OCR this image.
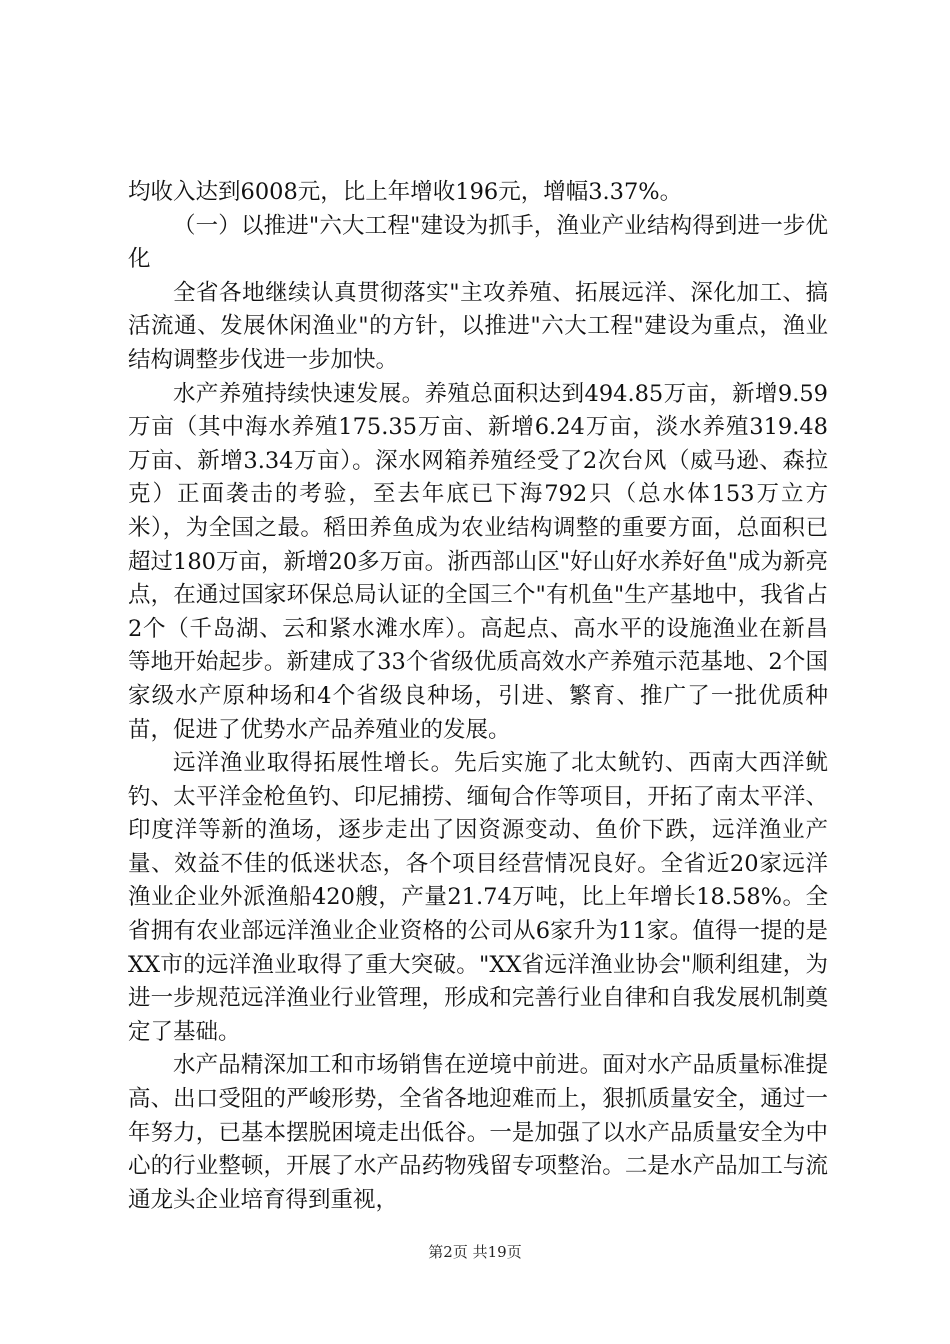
均收入达到6008元，比上年增收196元，增幅3.37%。

（一）以推进"六大工程"建设为抓手，渔业产业结构得到进一步优化

全省各地继续认真贯彻落实"主攻养殖、拓展远洋、深化加工、搞活流通、发展休闲渔业"的方针，以推进"六大工程"建设为重点，渔业结构调整步伐进一步加快。

水产养殖持续快速发展。养殖总面积达到494.85万亩，新增9.59万亩（其中海水养殖175.35万亩、新增6.24万亩，淡水养殖319.48万亩、新增3.34万亩）。深水网箱养殖经受了2次台风（威马逊、森拉克）正面袭击的考验，至去年底已下海792只（总水体153万立方米），为全国之最。稻田养鱼成为农业结构调整的重要方面，总面积已超过180万亩，新增20多万亩。浙西部山区"好山好水养好鱼"成为新亮点，在通过国家环保总局认证的全国三个"有机鱼"生产基地中，我省占2个（千岛湖、云和紧水滩水库）。高起点、高水平的设施渔业在新昌等地开始起步。新建成了33个省级优质高效水产养殖示范基地、2个国家级水产原种场和4个省级良种场，引进、繁育、推广了一批优质种苗，促进了优势水产品养殖业的发展。

远洋渔业取得拓展性增长。先后实施了北太鱿钓、西南大西洋鱿钓、太平洋金枪鱼钓、印尼捕捞、缅甸合作等项目，开拓了南太平洋、印度洋等新的渔场，逐步走出了因资源变动、鱼价下跌，远洋渔业产量、效益不佳的低迷状态，各个项目经营情况良好。全省近20家远洋渔业企业外派渔船420艘，产量21.74万吨，比上年增长18.58%。全省拥有农业部远洋渔业企业资格的公司从6家升为11家。值得一提的是XX市的远洋渔业取得了重大突破。"XX省远洋渔业协会"顺利组建，为进一步规范远洋渔业行业管理，形成和完善行业自律和自我发展机制奠定了基础。

水产品精深加工和市场销售在逆境中前进。面对水产品质量标准提高、出口受阻的严峻形势，全省各地迎难而上，狠抓质量安全，通过一年努力，已基本摆脱困境走出低谷。一是加强了以水产品质量安全为中心的行业整顿，开展了水产品药物残留专项整治。二是水产品加工与流通龙头企业培育得到重视，

第2页 共19页
